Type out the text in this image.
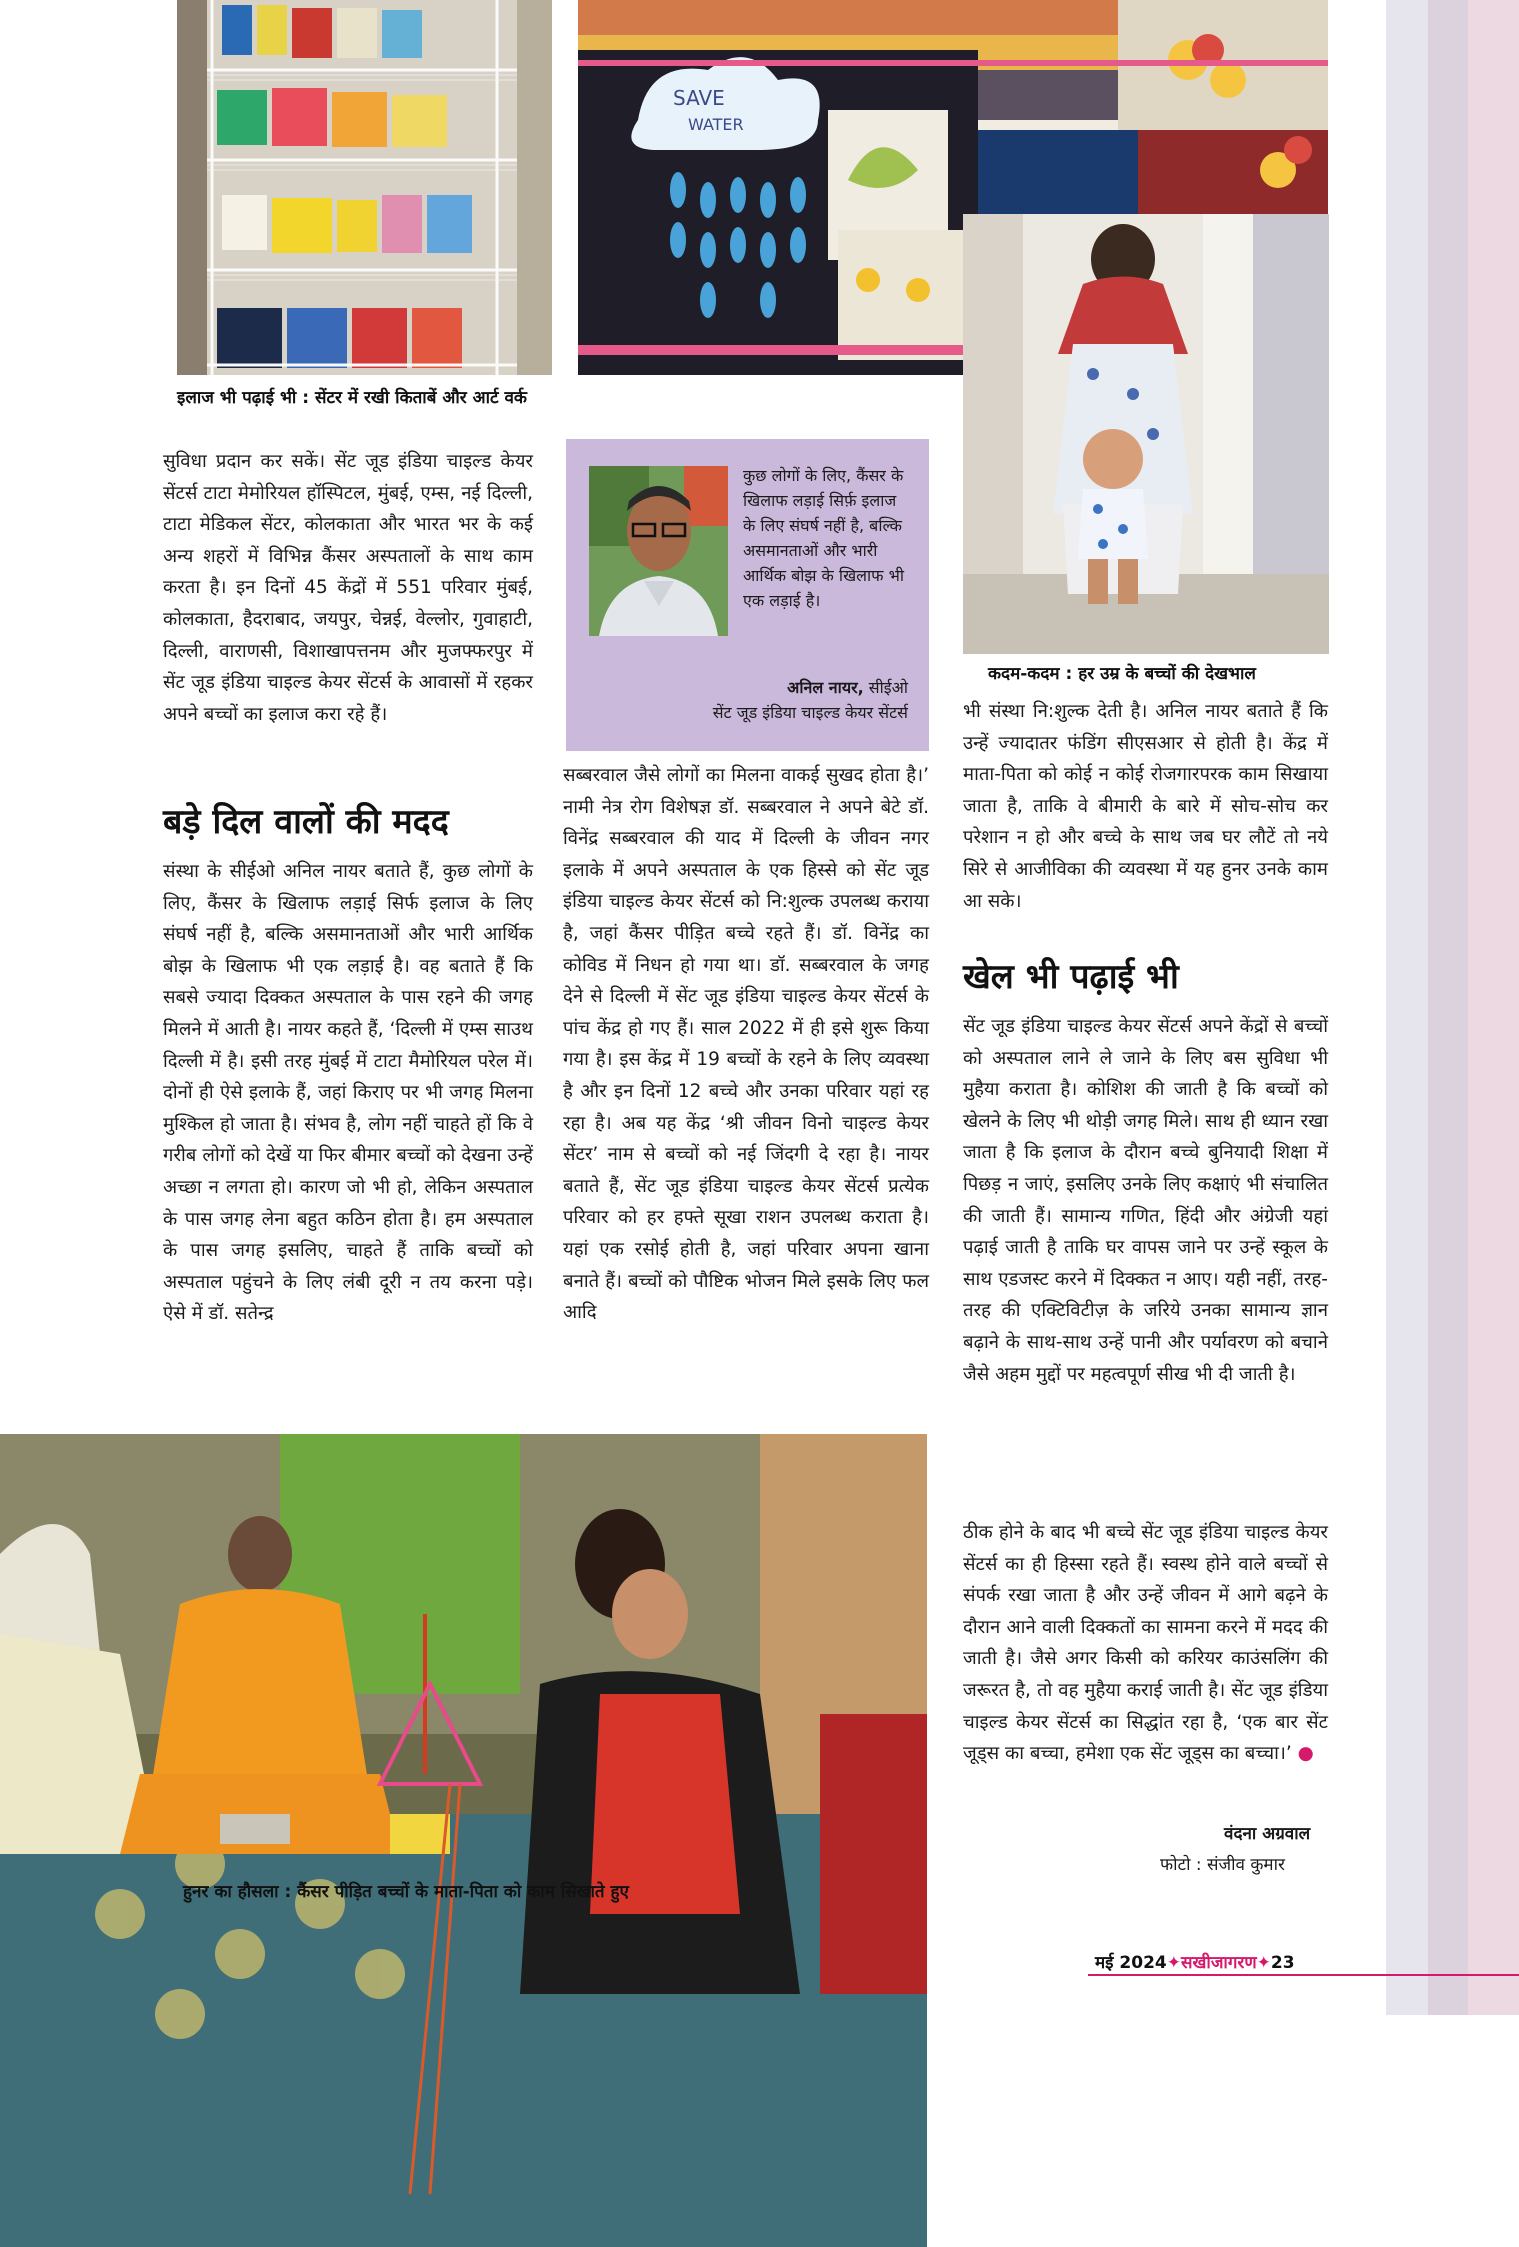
SAVE
WATER
इलाज भी पढ़ाई भी : सेंटर में रखी किताबें और आर्ट वर्क
कदम-कदम : हर उम्र के बच्चों की देखभाल
सुविधा प्रदान कर सकें। सेंट जूड इंडिया चाइल्ड केयर सेंटर्स टाटा मेमोरियल हॉस्पिटल, मुंबई, एम्स, नई दिल्ली, टाटा मेडिकल सेंटर, कोलकाता और भारत भर के कई अन्य शहरों में विभिन्न कैंसर अस्पतालों के साथ काम करता है। इन दिनों 45 केंद्रों में 551 परिवार मुंबई, कोलकाता, हैदराबाद, जयपुर, चेन्नई, वेल्लोर, गुवाहाटी, दिल्ली, वाराणसी, विशाखापत्तनम और मुजफ्फरपुर में सेंट जूड इंडिया चाइल्ड केयर सेंटर्स के आवासों में रहकर अपने बच्चों का इलाज करा रहे हैं।
बड़े दिल वालों की मदद
संस्था के सीईओ अनिल नायर बताते हैं, कुछ लोगों के लिए, कैंसर के खिलाफ लड़ाई सिर्फ इलाज के लिए संघर्ष नहीं है, बल्कि असमानताओं और भारी आर्थिक बोझ के खिलाफ भी एक लड़ाई है। वह बताते हैं कि सबसे ज्यादा दिक्कत अस्पताल के पास रहने की जगह मिलने में आती है। नायर कहते हैं, ‘दिल्ली में एम्स साउथ दिल्ली में है। इसी तरह मुंबई में टाटा मैमोरियल परेल में। दोनों ही ऐसे इलाके हैं, जहां किराए पर भी जगह मिलना मुश्किल हो जाता है। संभव है, लोग नहीं चाहते हों कि वे गरीब लोगों को देखें या फिर बीमार बच्चों को देखना उन्हें अच्छा न लगता हो। कारण जो भी हो, लेकिन अस्पताल के पास जगह लेना बहुत कठिन होता है। हम अस्पताल के पास जगह इसलिए, चाहते हैं ताकि बच्चों को अस्पताल पहुंचने के लिए लंबी दूरी न तय करना पड़े। ऐसे में डॉ. सतेन्द्र
कुछ लोगों के लिए, कैंसर के खिलाफ लड़ाई सिर्फ़ इलाज के लिए संघर्ष नहीं है, बल्कि असमानताओं और भारी आर्थिक बोझ के खिलाफ भी एक लड़ाई है।
अनिल नायर, सीईओ
सेंट जूड इंडिया चाइल्ड केयर सेंटर्स
सब्बरवाल जैसे लोगों का मिलना वाकई सुखद होता है।’ नामी नेत्र रोग विशेषज्ञ डॉ. सब्बरवाल ने अपने बेटे डॉ. विनेंद्र सब्बरवाल की याद में दिल्ली के जीवन नगर इलाके में अपने अस्पताल के एक हिस्से को सेंट जूड इंडिया चाइल्ड केयर सेंटर्स को नि:शुल्क उपलब्ध कराया है, जहां कैंसर पीड़ित बच्चे रहते हैं। डॉ. विनेंद्र का कोविड में निधन हो गया था। डॉ. सब्बरवाल के जगह देने से दिल्ली में सेंट जूड इंडिया चाइल्ड केयर सेंटर्स के पांच केंद्र हो गए हैं। साल 2022 में ही इसे शुरू किया गया है। इस केंद्र में 19 बच्चों के रहने के लिए व्यवस्था है और इन दिनों 12 बच्चे और उनका परिवार यहां रह रहा है। अब यह केंद्र ‘श्री जीवन विनो चाइल्ड केयर सेंटर’ नाम से बच्चों को नई जिंदगी दे रहा है। नायर बताते हैं, सेंट जूड इंडिया चाइल्ड केयर सेंटर्स प्रत्येक परिवार को हर हफ्ते सूखा राशन उपलब्ध कराता है। यहां एक रसोई होती है, जहां परिवार अपना खाना बनाते हैं। बच्चों को पौष्टिक भोजन मिले इसके लिए फल आदि
भी संस्था नि:शुल्क देती है। अनिल नायर बताते हैं कि उन्हें ज्यादातर फंडिंग सीएसआर से होती है। केंद्र में माता-पिता को कोई न कोई रोजगारपरक काम सिखाया जाता है, ताकि वे बीमारी के बारे में सोच-सोच कर परेशान न हो और बच्चे के साथ जब घर लौटें तो नये सिरे से आजीविका की व्यवस्था में यह हुनर उनके काम आ सके।
खेल भी पढ़ाई भी
सेंट जूड इंडिया चाइल्ड केयर सेंटर्स अपने केंद्रों से बच्चों को अस्पताल लाने ले जाने के लिए बस सुविधा भी मुहैया कराता है। कोशिश की जाती है कि बच्चों को खेलने के लिए भी थोड़ी जगह मिले। साथ ही ध्यान रखा जाता है कि इलाज के दौरान बच्चे बुनियादी शिक्षा में पिछड़ न जाएं, इसलिए उनके लिए कक्षाएं भी संचालित की जाती हैं। सामान्य गणित, हिंदी और अंग्रेजी यहां पढ़ाई जाती है ताकि घर वापस जाने पर उन्हें स्कूल के साथ एडजस्ट करने में दिक्कत न आए। यही नहीं, तरह-तरह की एक्टिविटीज़ के जरिये उनका सामान्य ज्ञान बढ़ाने के साथ-साथ उन्हें पानी और पर्यावरण को बचाने जैसे अहम मुद्दों पर महत्वपूर्ण सीख भी दी जाती है।
ठीक होने के बाद भी बच्चे सेंट जूड इंडिया चाइल्ड केयर सेंटर्स का ही हिस्सा रहते हैं। स्वस्थ होने वाले बच्चों से संपर्क रखा जाता है और उन्हें जीवन में आगे बढ़ने के दौरान आने वाली दिक्कतों का सामना करने में मदद की जाती है। जैसे अगर किसी को करियर काउंसलिंग की जरूरत है, तो वह मुहैया कराई जाती है। सेंट जूड इंडिया चाइल्ड केयर सेंटर्स का सिद्धांत रहा है, ‘एक बार सेंट जूड्स का बच्चा, हमेशा एक सेंट जूड्स का बच्चा।’ ●
वंदना अग्रवाल
फोटो : संजीव कुमार
हुनर का हौसला : कैंसर पीड़ित बच्चों के माता-पिता को काम सिखाते हुए
मई 2024✦सखीजागरण✦23
